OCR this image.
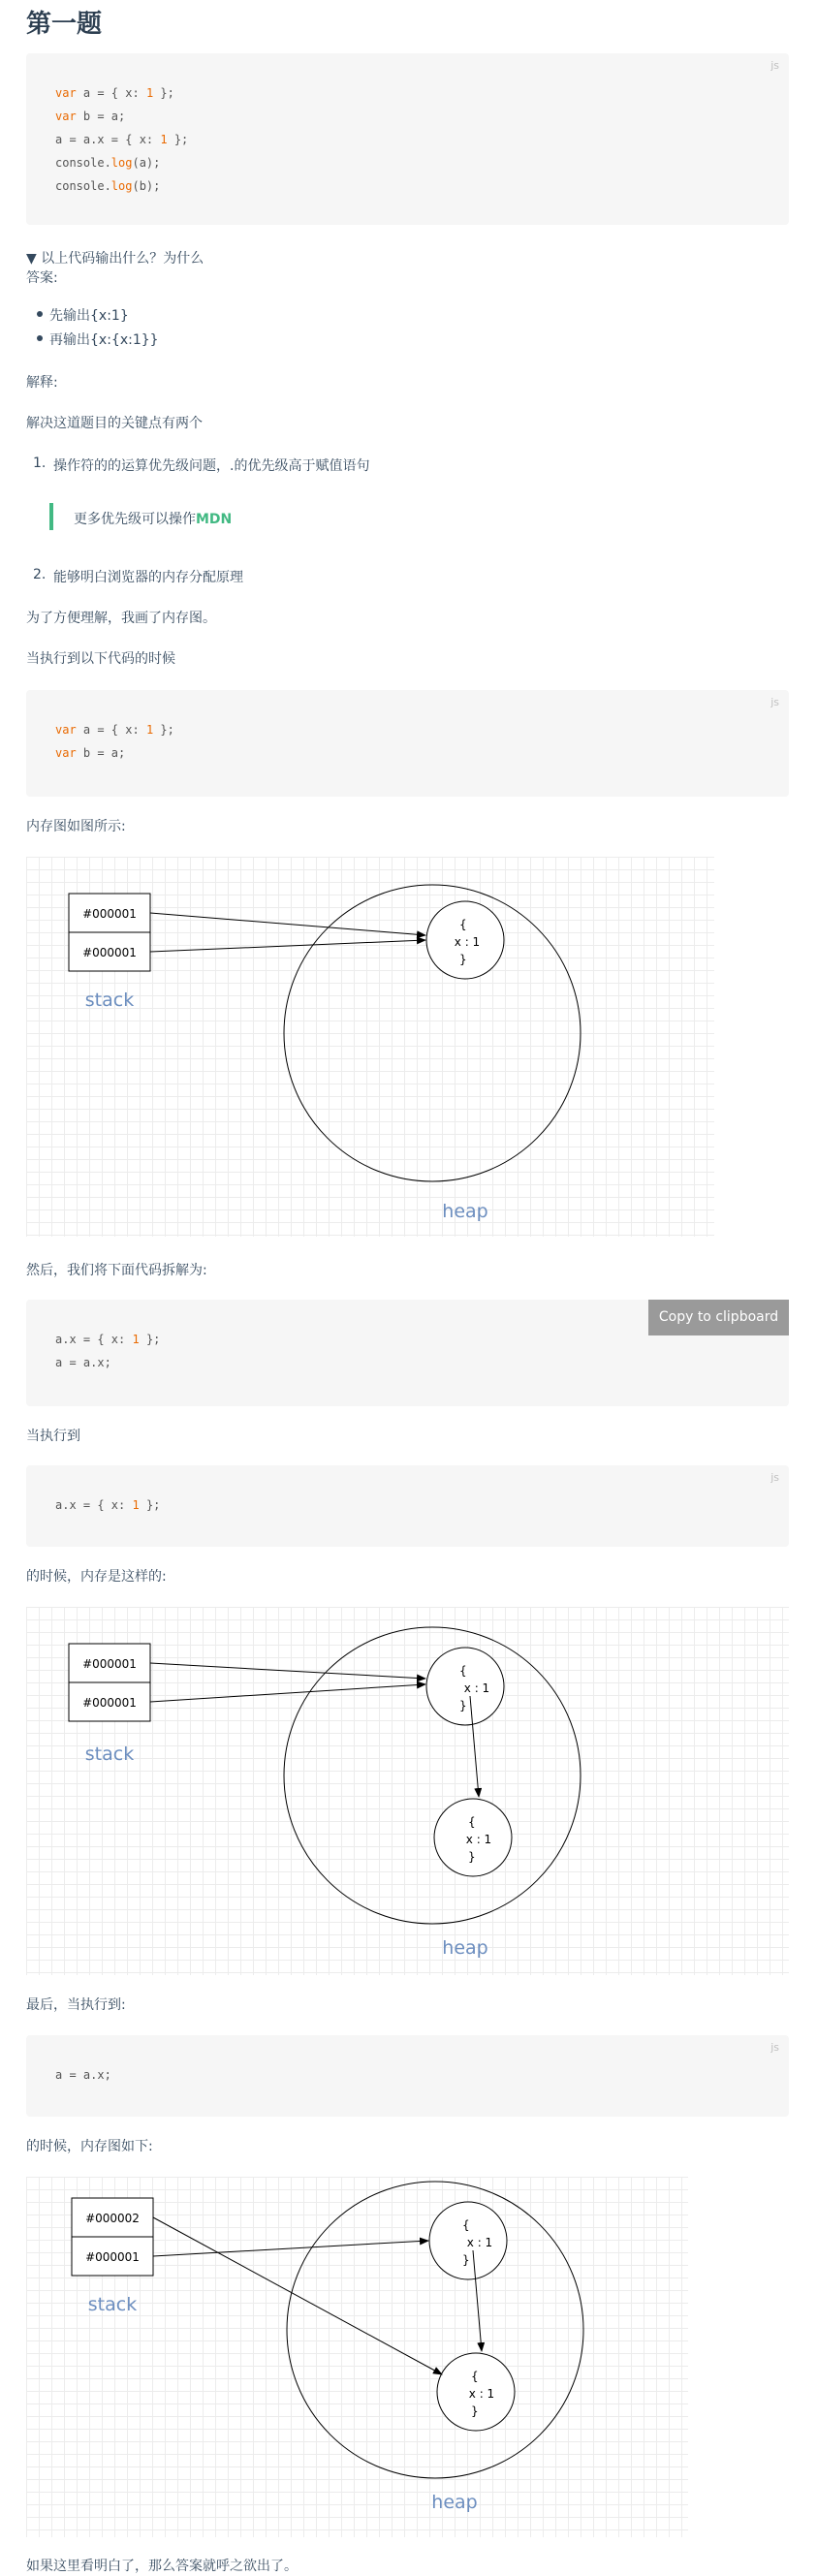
第一题
js
var a = { x: 1 };
var b = a;
a = a.x = { x: 1 };
console.log(a);
console.log(b);
▼ 以上代码输出什么？为什么
答案:
先输出{x:1}
再输出{x:{x:1}}
解释:
解决这道题目的关键点有两个
1. 操作符的的运算优先级问题，.的优先级高于赋值语句
更多优先级可以操作MDN
2. 能够明白浏览器的内存分配原理
为了方便理解，我画了内存图。
当执行到以下代码的时候
js
var a = { x: 1 };
var b = a;
内存图如图所示:
#000001
#000001
stack
{
x : 1
}
heap
然后，我们将下面代码拆解为:
a.x = { x: 1 };
a = a.x;
Copy to clipboard
当执行到
js
a.x = { x: 1 };
的时候，内存是这样的:
#000001
#000001
stack
{
x : 1
}
{
x : 1
}
heap
最后，当执行到:
js
a = a.x;
的时候，内存图如下:
#000002
#000001
stack
{
x : 1
}
{
x : 1
}
heap
如果这里看明白了，那么答案就呼之欲出了。
